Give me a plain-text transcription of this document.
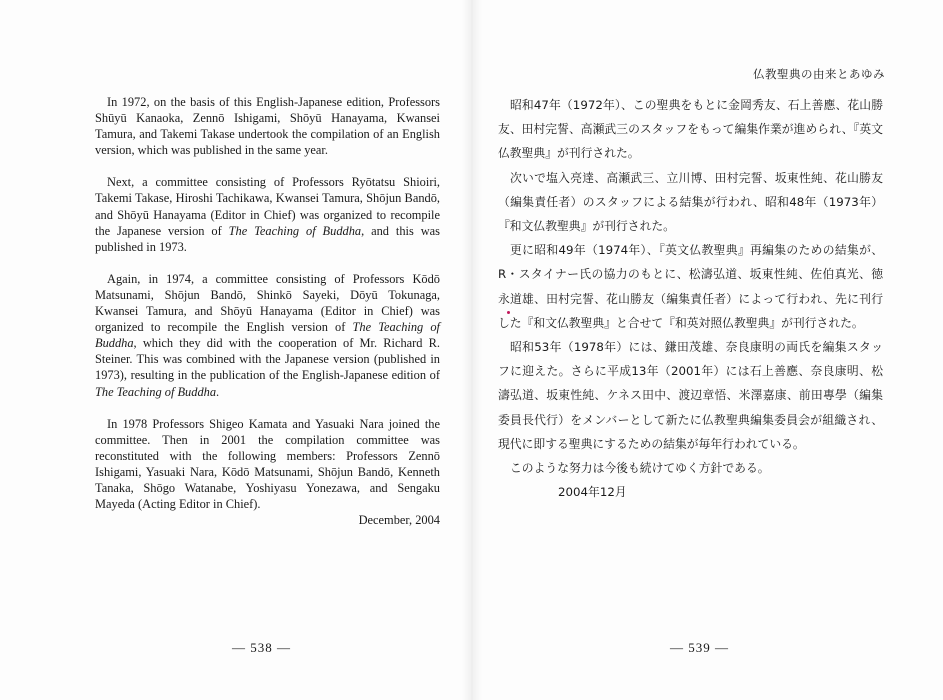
In 1972, on the basis of this English-Japanese edition, Professors Shūyū Kanaoka, Zennō Ishigami, Shōyū Hanayama, Kwansei Tamura, and Takemi Takase undertook the compilation of an English version, which was published in the same year.

Next, a committee consisting of Professors Ryōtatsu Shioiri, Takemi Takase, Hiroshi Tachikawa, Kwansei Tamura, Shōjun Bandō, and Shōyū Hanayama (Editor in Chief) was organized to recompile the Japanese version of The Teaching of Buddha, and this was published in 1973.

Again, in 1974, a committee consisting of Professors Kōdō Matsunami, Shōjun Bandō, Shinkō Sayeki, Dōyū Tokunaga, Kwansei Tamura, and Shōyū Hanayama (Editor in Chief) was organized to recompile the English version of The Teaching of Buddha, which they did with the cooperation of Mr. Richard R. Steiner. This was combined with the Japanese version (published in 1973), resulting in the publication of the English-Japanese edition of The Teaching of Buddha.

In 1978 Professors Shigeo Kamata and Yasuaki Nara joined the committee. Then in 2001 the compilation committee was reconstituted with the following members: Professors Zennō Ishigami, Yasuaki Nara, Kōdō Matsunami, Shōjun Bandō, Kenneth Tanaka, Shōgo Watanabe, Yoshiyasu Yonezawa, and Sengaku Mayeda (Acting Editor in Chief).

December, 2004

— 538 —
仏教聖典の由来とあゆみ

昭和47年（1972年）、この聖典をもとに金岡秀友、石上善應、花山勝友、田村完誓、高瀬武三のスタッフをもって編集作業が進められ、『英文仏教聖典』が刊行された。

次いで塩入亮達、高瀬武三、立川博、田村完誓、坂東性純、花山勝友（編集責任者）のスタッフによる結集が行われ、昭和48年（1973年）『和文仏教聖典』が刊行された。

更に昭和49年（1974年）、『英文仏教聖典』再編集のための結集が、R・スタイナー氏の協力のもとに、松濤弘道、坂東性純、佐伯真光、徳永道雄、田村完誓、花山勝友（編集責任者）によって行われ、先に刊行した『和文仏教聖典』と合せて『和英対照仏教聖典』が刊行された。

昭和53年（1978年）には、鎌田茂雄、奈良康明の両氏を編集スタッフに迎えた。さらに平成13年（2001年）には石上善應、奈良康明、松濤弘道、坂東性純、ケネス田中、渡辺章悟、米澤嘉康、前田專學（編集委員長代行）をメンバーとして新たに仏教聖典編集委員会が組織され、現代に即する聖典にするための結集が毎年行われている。

このような努力は今後も続けてゆく方針である。

2004年12月

— 539 —
